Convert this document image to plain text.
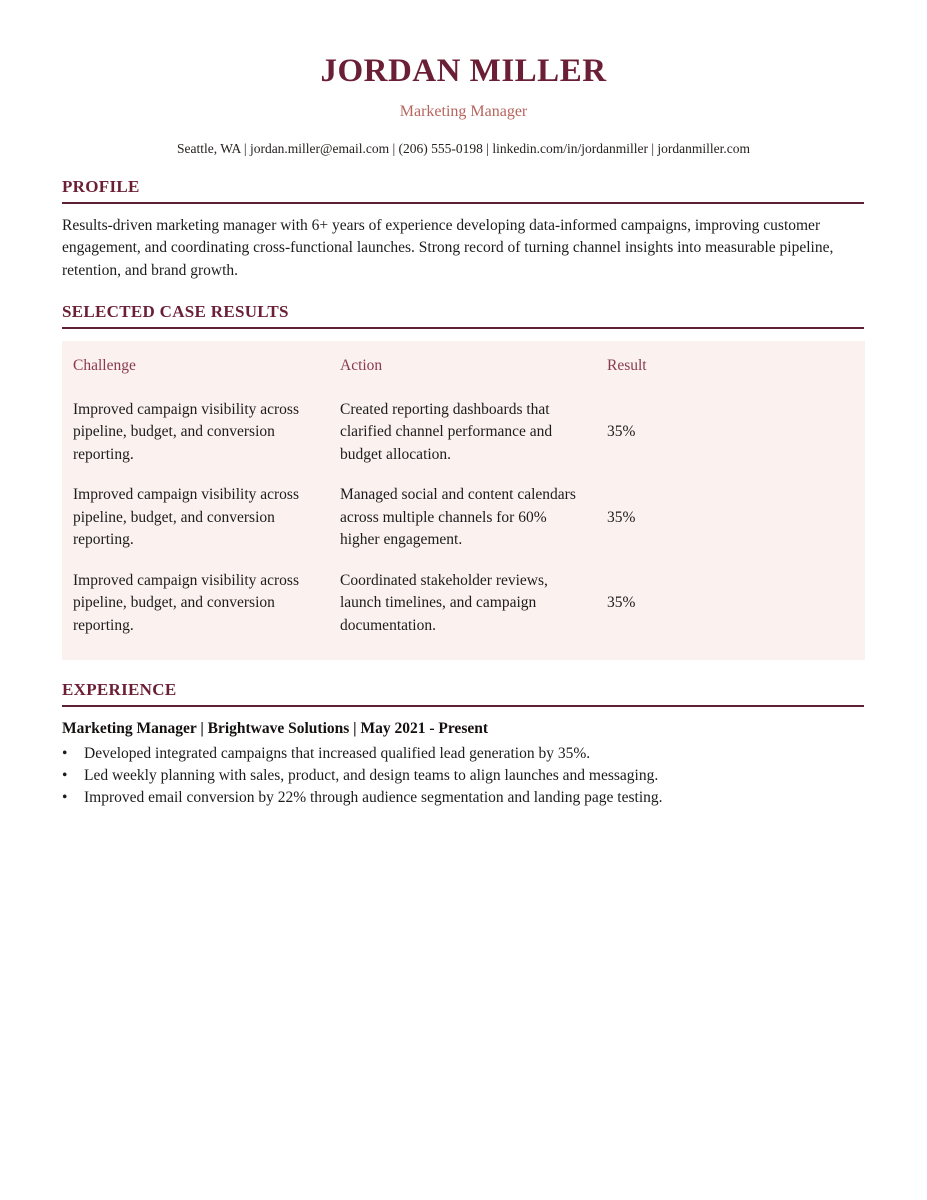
JORDAN MILLER
Marketing Manager
Seattle, WA | jordan.miller@email.com | (206) 555-0198 | linkedin.com/in/jordanmiller | jordanmiller.com
PROFILE
Results-driven marketing manager with 6+ years of experience developing data-informed campaigns, improving customer engagement, and coordinating cross-functional launches. Strong record of turning channel insights into measurable pipeline, retention, and brand growth.
SELECTED CASE RESULTS
Challenge	Action	Result
Improved campaign visibility across pipeline, budget, and conversion reporting.	Created reporting dashboards that clarified channel performance and budget allocation.	35%
Improved campaign visibility across pipeline, budget, and conversion reporting.	Managed social and content calendars across multiple channels for 60% higher engagement.	35%
Improved campaign visibility across pipeline, budget, and conversion reporting.	Coordinated stakeholder reviews, launch timelines, and campaign documentation.	35%
EXPERIENCE
Marketing Manager | Brightwave Solutions | May 2021 - Present
• Developed integrated campaigns that increased qualified lead generation by 35%.
• Led weekly planning with sales, product, and design teams to align launches and messaging.
• Improved email conversion by 22% through audience segmentation and landing page testing.
